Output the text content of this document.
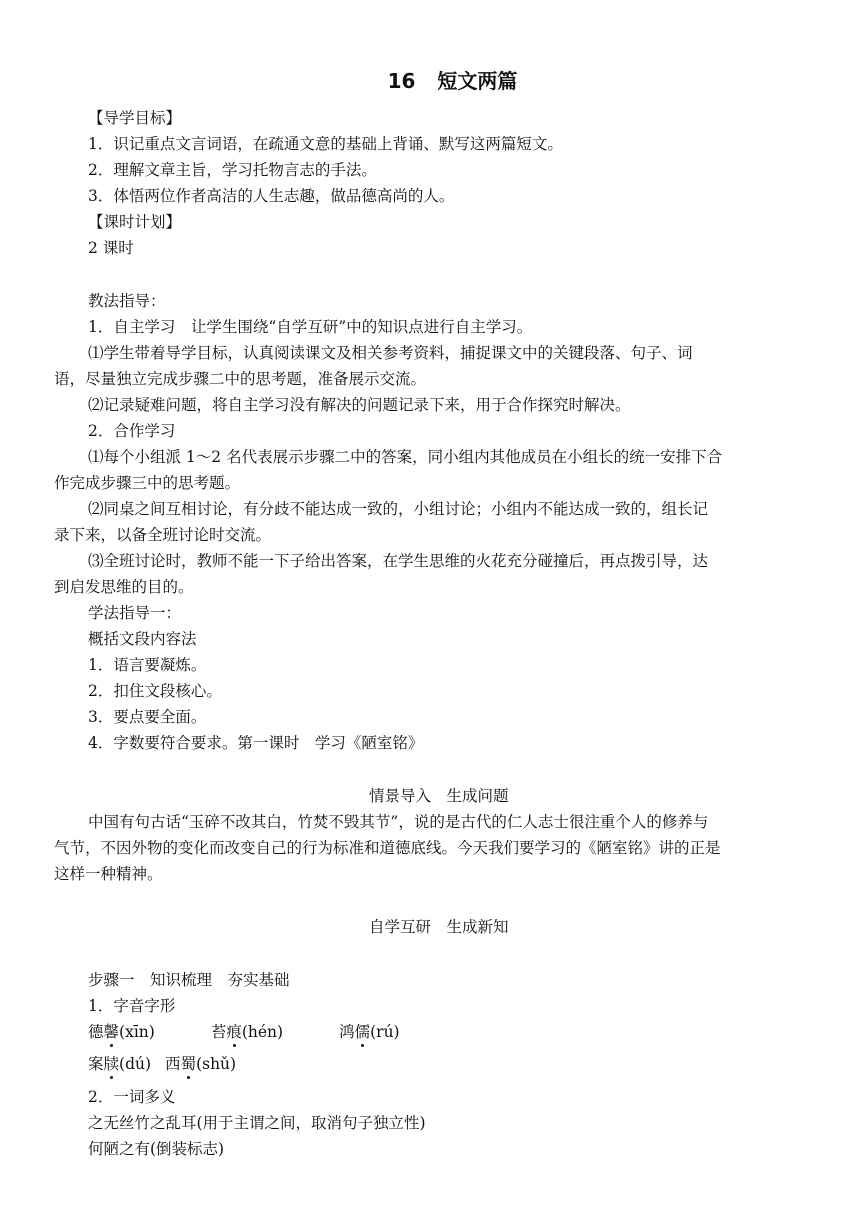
16 短文两篇
【导学目标】
1．识记重点文言词语，在疏通文意的基础上背诵、默写这两篇短文。
2．理解文章主旨，学习托物言志的手法。
3．体悟两位作者高洁的人生志趣，做品德高尚的人。
【课时计划】
2 课时
教法指导：
1．自主学习　让学生围绕“自学互研”中的知识点进行自主学习。
⑴学生带着导学目标，认真阅读课文及相关参考资料，捕捉课文中的关键段落、句子、词
语，尽量独立完成步骤二中的思考题，准备展示交流。
⑵记录疑难问题，将自主学习没有解决的问题记录下来，用于合作探究时解决。
2．合作学习
⑴每个小组派 1～2 名代表展示步骤二中的答案，同小组内其他成员在小组长的统一安排下合
作完成步骤三中的思考题。
⑵同桌之间互相讨论，有分歧不能达成一致的，小组讨论；小组内不能达成一致的，组长记
录下来，以备全班讨论时交流。
⑶全班讨论时，教师不能一下子给出答案，在学生思维的火花充分碰撞后，再点拨引导，达
到启发思维的目的。
学法指导一：
概括文段内容法
1．语言要凝炼。
2．扣住文段核心。
3．要点要全面。
4．字数要符合要求。第一课时　学习《陋室铭》
情景导入　生成问题
中国有句古话“玉碎不改其白，竹焚不毁其节”，说的是古代的仁人志士很注重个人的修养与
气节，不因外物的变化而改变自己的行为标准和道德底线。今天我们要学习的《陋室铭》讲的正是
这样一种精神。
自学互研　生成新知
步骤一　知识梳理　夯实基础
1．字音字形
德馨
(xīn)	苔痕
(hén)	鸿儒
(rú)
案牍
(dú) 西蜀
(shǔ)
2．一词多义
之无丝竹之乱耳(用于主谓之间，取消句子独立性)
何陋之有(倒装标志)
